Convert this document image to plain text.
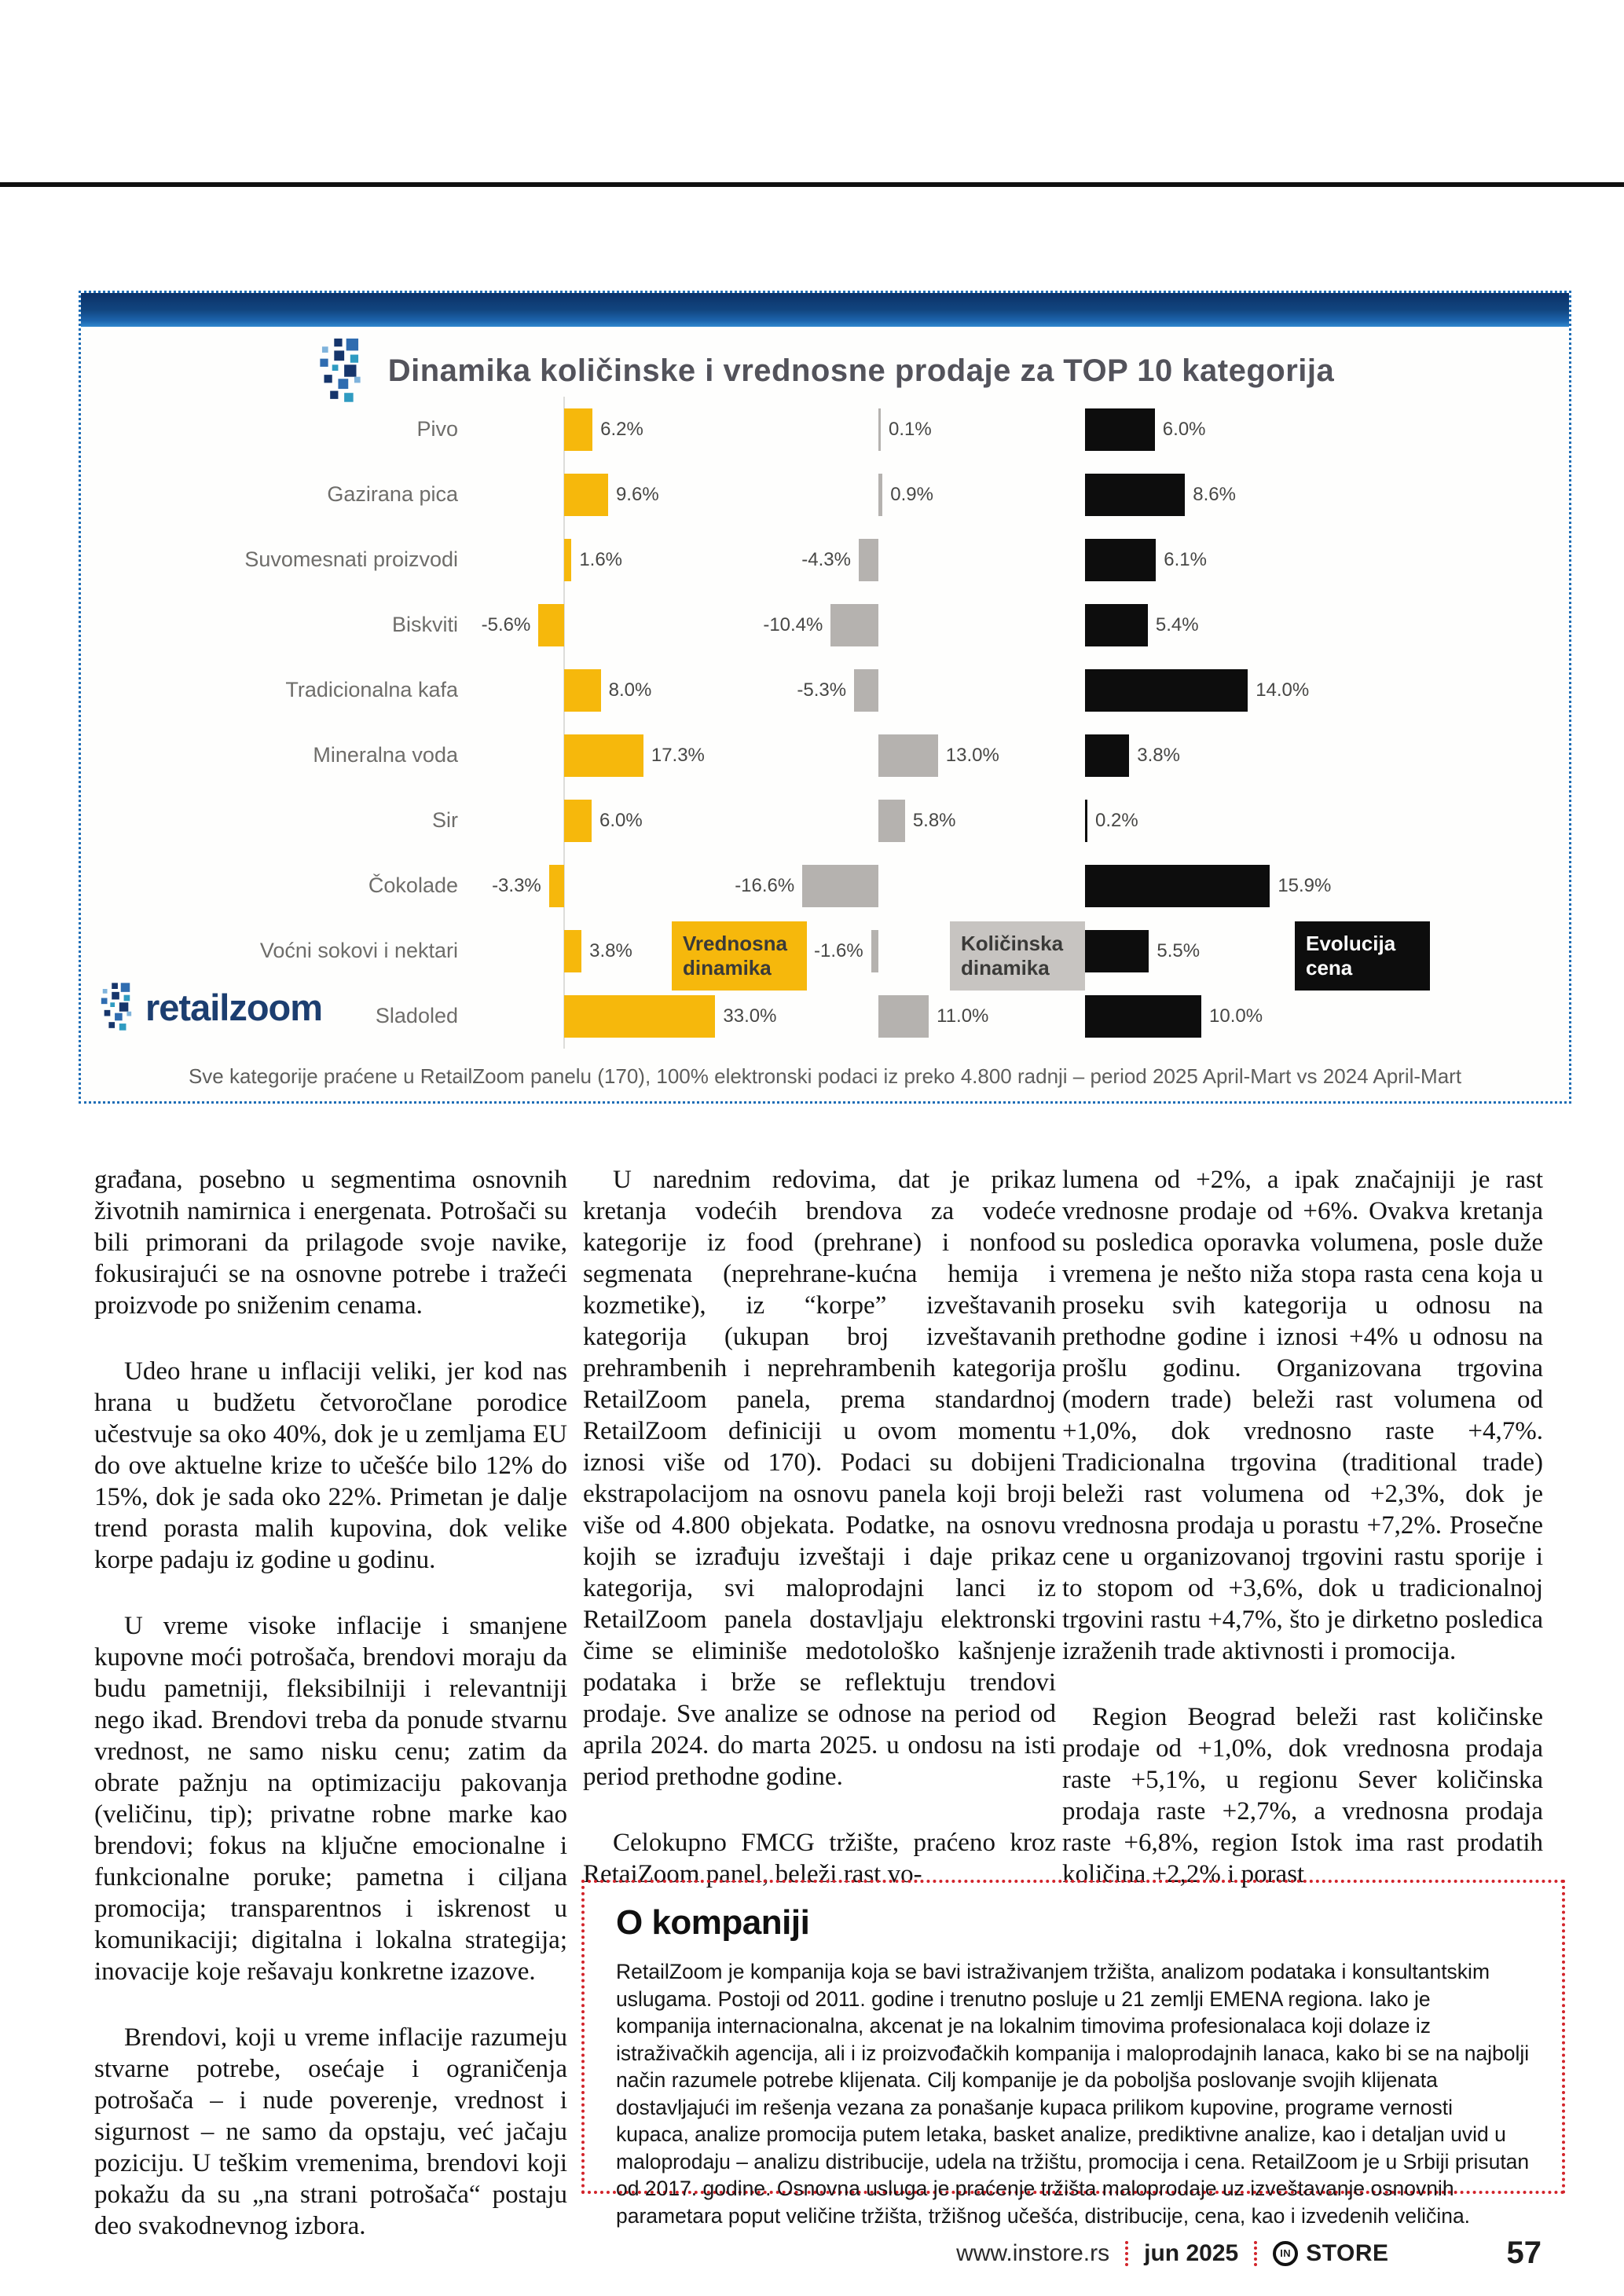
Dinamika količinske i vrednosne prodaje za TOP 10 kategorija
Pivo	6.2%	0.1%	6.0%
Gazirana pica	9.6%	0.9%	8.6%
Suvomesnati proizvodi	1.6%	-4.3%	6.1%
Biskviti -5.6%	-10.4%	5.4%
Tradicionalna kafa	8.0%	-5.3%	14.0%
Mineralna voda	17.3%	13.0%	3.8%
Sir	6.0%	5.8%	0.2%
Čokolade -3.3%	-16.6%	15.9%
Voćni sokovi i nektari	3.8%	-1.6%	5.5%
Sladoled	33.0%	11.0%	10.0%
Vrednosna dinamika
Količinska dinamika
Evolucija cena
retailzoom
Sve kategorije praćene u RetailZoom panelu (170), 100% elektronski podaci iz preko 4.800 radnji – period 2025 April-Mart vs 2024 April-Mart

građana, posebno u segmentima osnovnih životnih namirnica i energenata. Potrošači su bili primorani da prilagode svoje navike, fokusirajući se na osnovne potrebe i tražeći proizvode po sniženim cenama.

Udeo hrane u inflaciji veliki, jer kod nas hrana u budžetu četvoročlane porodice učestvuje sa oko 40%, dok je u zemljama EU do ove aktuelne krize to učešće bilo 12% do 15%, dok je sada oko 22%. Primetan je dalje trend porasta malih kupovina, dok velike korpe padaju iz godine u godinu.

U vreme visoke inflacije i smanjene kupovne moći potrošača, brendovi moraju da budu pametniji, fleksibilniji i relevantniji nego ikad. Brendovi treba da ponude stvarnu vrednost, ne samo nisku cenu; zatim da obrate pažnju na optimizaciju pakovanja (veličinu, tip); privatne robne marke kao brendovi; fokus na ključne emocionalne i funkcionalne poruke; pametna i ciljana promocija; transparentnos i iskrenost u komunikaciji; digitalna i lokalna strategija; inovacije koje rešavaju konkretne izazove.

Brendovi, koji u vreme inflacije razumeju stvarne potrebe, osećaje i ograničenja potrošača – i nude poverenje, vrednost i sigurnost – ne samo da opstaju, već jačaju poziciju. U teškim vremenima, brendovi koji pokažu da su „na strani potrošača“ postaju deo svakodnevnog izbora.

U narednim redovima, dat je prikaz kretanja vodećih brendova za vodeće kategorije iz food (prehrane) i nonfood segmenata (neprehrane-kućna hemija i kozmetike), iz “korpe” izveštavanih kategorija (ukupan broj izveštavanih prehrambenih i neprehrambenih kategorija RetailZoom panela, prema standardnoj RetailZoom definiciji u ovom momentu iznosi više od 170). Podaci su dobijeni ekstrapolacijom na osnovu panela koji broji više od 4.800 objekata. Podatke, na osnovu kojih se izrađuju izveštaji i daje prikaz kategorija, svi maloprodajni lanci iz RetailZoom panela dostavljaju elektronski čime se eliminiše medotološko kašnjenje podataka i brže se reflektuju trendovi prodaje. Sve analize se odnose na period od aprila 2024. do marta 2025. u ondosu na isti period prethodne godine.

Celokupno FMCG tržište, praćeno kroz RetaiZoom panel, beleži rast vo-

lumena od +2%, a ipak značajniji je rast vrednosne prodaje od +6%. Ovakva kretanja su posledica oporavka volumena, posle duže vremena je nešto niža stopa rasta cena koja u proseku svih kategorija u odnosu na prethodne godine i iznosi +4% u odnosu na prošlu godinu. Organizovana trgovina (modern trade) beleži rast volumena od +1,0%, dok vrednosno raste +4,7%. Tradicionalna trgovina (traditional trade) beleži rast volumena od +2,3%, dok je vrednosna prodaja u porastu +7,2%. Prosečne cene u organizovanoj trgovini rastu sporije i to stopom od +3,6%, dok u tradicionalnoj trgovini rastu +4,7%, što je dirketno posledica izraženih trade aktivnosti i promocija.

Region Beograd beleži rast količinske prodaje od +1,0%, dok vrednosna prodaja raste +5,1%, u regionu Sever količinska prodaja raste +2,7%, a vrednosna prodaja raste +6,8%, region Istok ima rast prodatih količina +2,2% i porast

O kompaniji

RetailZoom je kompanija koja se bavi istraživanjem tržišta, analizom podataka i konsultantskim uslugama. Postoji od 2011. godine i trenutno posluje u 21 zemlji EMENA regiona. Iako je kompanija internacionalna, akcenat je na lokalnim timovima profesionalaca koji dolaze iz istraživačkih agencija, ali i iz proizvođačkih kompanija i maloprodajnih lanaca, kako bi se na najbolji način razumele potrebe klijenata. Cilj kompanije je da poboljša poslovanje svojih klijenata dostavljajući im rešenja vezana za ponašanje kupaca prilikom kupovine, programe vernosti kupaca, analize promocija putem letaka, basket analize, prediktivne analize, kao i detaljan uvid u maloprodaju – analizu distribucije, udela na tržištu, promocija i cena. RetailZoom je u Srbiji prisutan od 2017. godine. Osnovna usluga je praćenje tržišta maloprodaje uz izveštavanje osnovnih parametara poput veličine tržišta, tržišnog učešća, distribucije, cena, kao i izvedenih veličina.

www.instore.rs jun 2025	IN STORE	57
